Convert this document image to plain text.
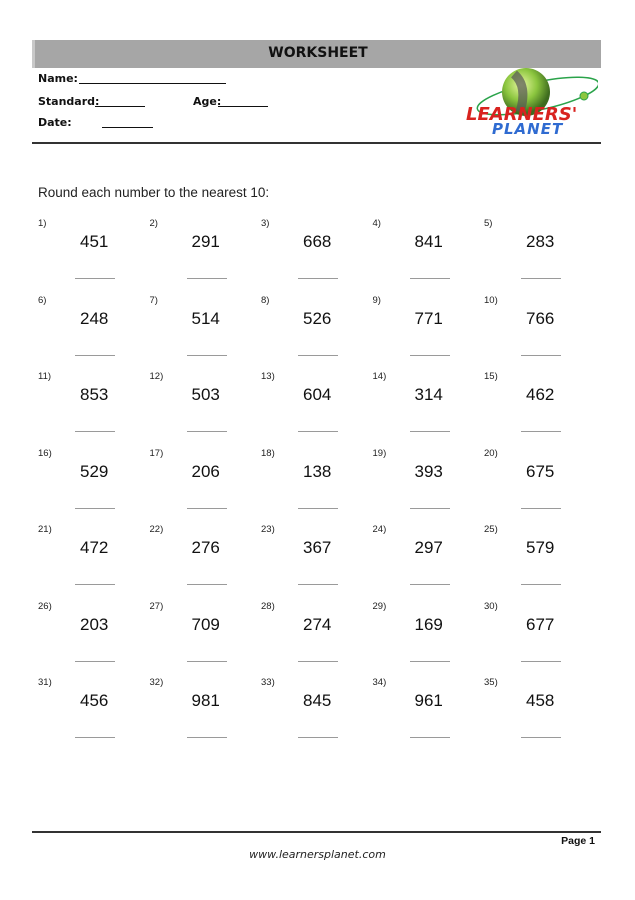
WORKSHEET
Name:
Standard:	Age:
Date:	LEARNERS'
PLANET
Round each number to the nearest 10:
1)
451
2)
291
3)
668
4)
841
5)
283
6)
248
7)
514
8)
526
9)
771
10)
766
11)
853
12)
503
13)
604
14)
314
15)
462
16)
529
17)
206
18)
138
19)
393
20)
675
21)
472
22)
276
23)
367
24)
297
25)
579
26)
203
27)
709
28)
274
29)
169
30)
677
31)
456
32)
981
33)
845
34)
961
35)
458
Page 1
www.learnersplanet.com
